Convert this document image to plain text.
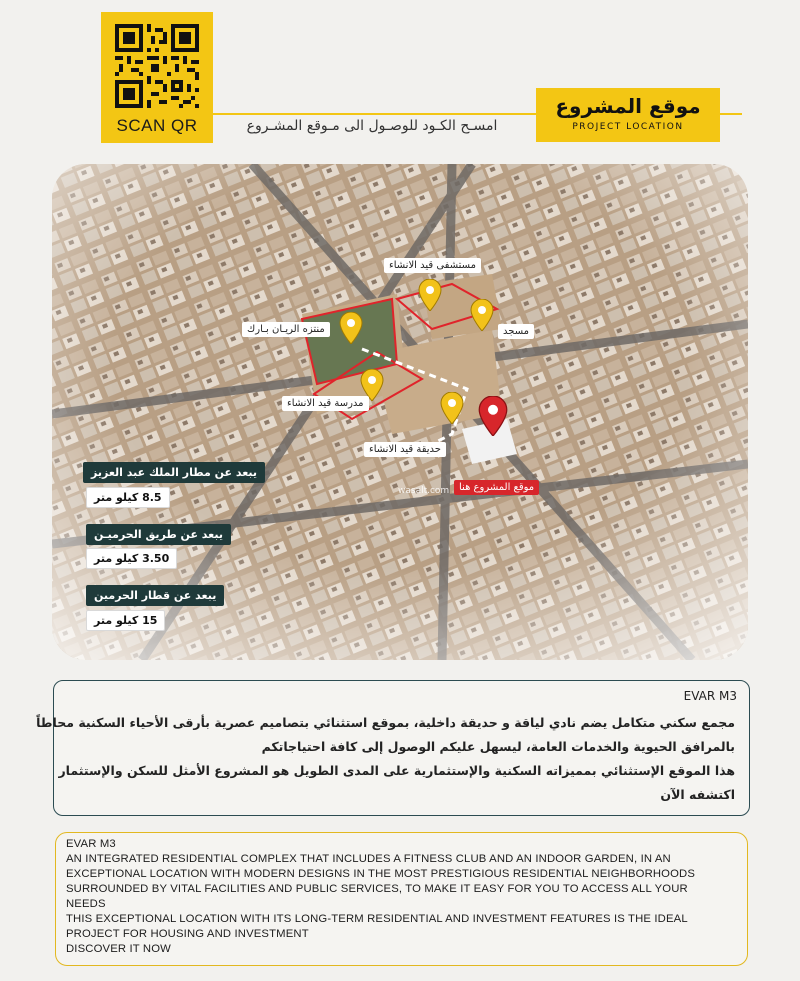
SCAN QR	امسـح الكـود للوصـول الى مـوقع المشـروع
موقع المشروع
PROJECT LOCATION
مستشفى قيد الانشاء
منتزه الريـان بـارك	مسجد
مدرسة قيد الانشاء
حديقة قيد الانشاء
موقع المشروع هنا
wasalt.com
يبعد عن مطار الملك عبد العزيز
8.5 كيلو متر
يبعد عن طريق الحرميـن
3.50 كيلو متر
يبعد عن قطار الحرمين
15 كيلو متر
EVAR M3
مجمع سكني متكامل يضم نادي لياقة و حديقة داخلية، بموقع استثنائي بتصاميم عصرية بأرقى الأحياء السكنية محاطاً
بالمرافق الحيوية والخدمات العامة، ليسهل عليكم الوصول إلى كافة احتياجاتكم
هذا الموقع الإستثنائي بمميزاته السكنية والإستثمارية على المدى الطويل هو المشروع الأمثل للسكن والإستثمار
اكتشفه الآن
EVAR M3
AN INTEGRATED RESIDENTIAL COMPLEX THAT INCLUDES A FITNESS CLUB AND AN INDOOR GARDEN, IN AN
EXCEPTIONAL LOCATION WITH MODERN DESIGNS IN THE MOST PRESTIGIOUS RESIDENTIAL NEIGHBORHOODS
SURROUNDED BY VITAL FACILITIES AND PUBLIC SERVICES, TO MAKE IT EASY FOR YOU TO ACCESS ALL YOUR
NEEDS
THIS EXCEPTIONAL LOCATION WITH ITS LONG-TERM RESIDENTIAL AND INVESTMENT FEATURES IS THE IDEAL
PROJECT FOR HOUSING AND INVESTMENT
DISCOVER IT NOW
